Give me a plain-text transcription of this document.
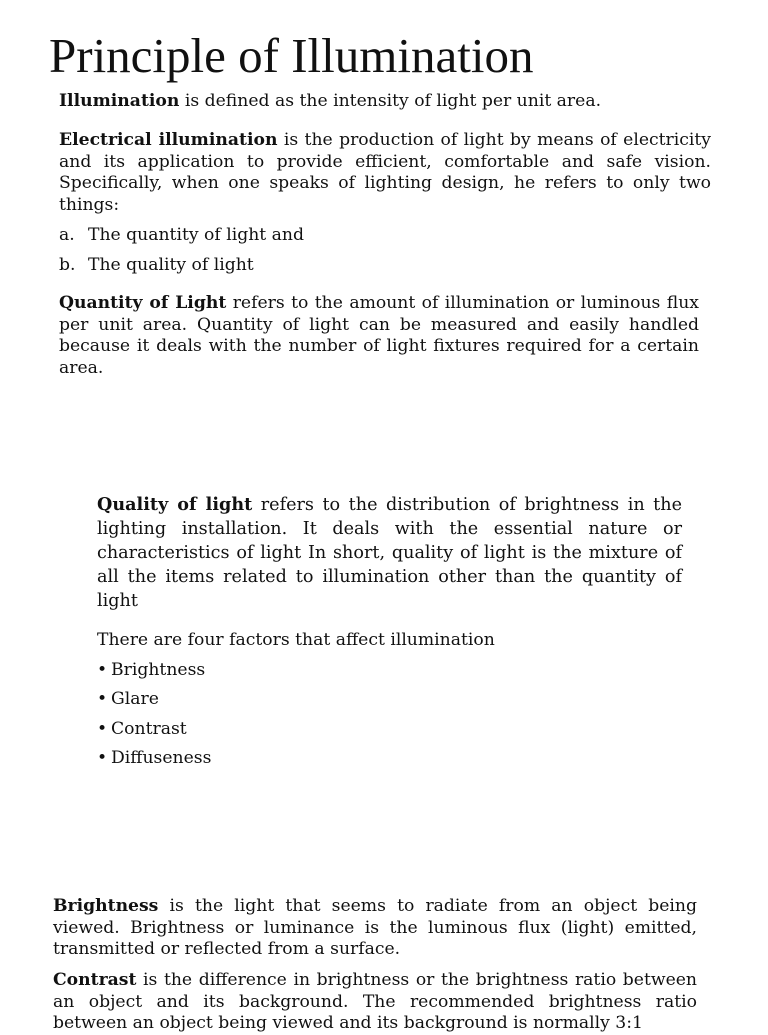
Principle of Illumination

Illumination is defined as the intensity of light per unit area.

Electrical illumination is the production of light by means of electricity and its application to provide efficient, comfortable and safe vision. Specifically, when one speaks of lighting design, he refers to only two things:

a. The quantity of light and
b. The quality of light

Quantity of Light refers to the amount of illumination or luminous flux per unit area. Quantity of light can be measured and easily handled because it deals with the number of light fixtures required for a certain area.

Quality of light refers to the distribution of brightness in the lighting installation. It deals with the essential nature or characteristics of light In short, quality of light is the mixture of all the items related to illumination other than the quantity of light

There are four factors that affect illumination

• Brightness
• Glare
• Contrast
• Diffuseness

Brightness is the light that seems to radiate from an object being viewed. Brightness or luminance is the luminous flux (light) emitted, transmitted or reflected from a surface.

Contrast is the difference in brightness or the brightness ratio between an object and its background. The recommended brightness ratio between an object being viewed and its background is normally 3:1
